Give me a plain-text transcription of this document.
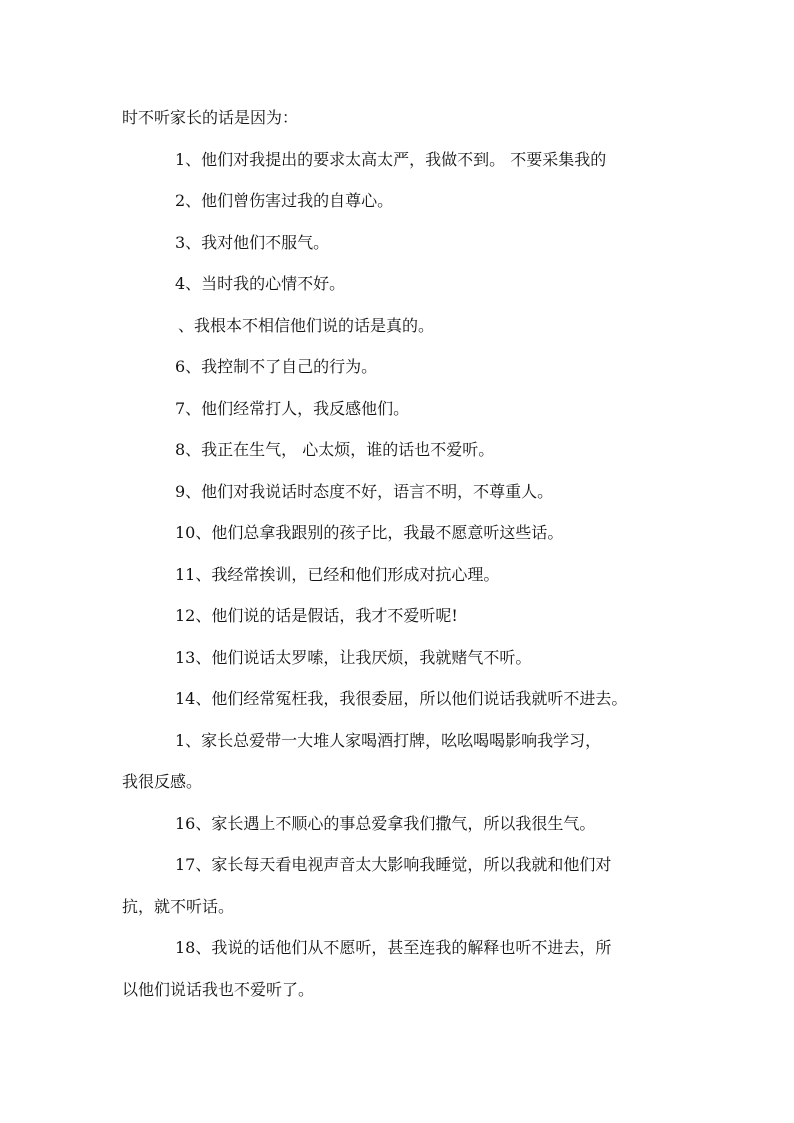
时不听家长的话是因为：
1、他们对我提出的要求太高太严，我做不到。 不要采集我的
2、他们曾伤害过我的自尊心。
3、我对他们不服气。
4、当时我的心情不好。
、我根本不相信他们说的话是真的。
6、我控制不了自己的行为。
7、他们经常打人，我反感他们。
8、我正在生气， 心太烦，谁的话也不爱听。
9、他们对我说话时态度不好，语言不明，不尊重人。
10、他们总拿我跟别的孩子比，我最不愿意听这些话。
11、我经常挨训，已经和他们形成对抗心理。
12、他们说的话是假话，我才不爱听呢!
13、他们说话太罗嗦，让我厌烦，我就赌气不听。
14、他们经常冤枉我，我很委屈，所以他们说话我就听不进去。
1、家长总爱带一大堆人家喝酒打牌，吆吆喝喝影响我学习，
我很反感。
16、家长遇上不顺心的事总爱拿我们撒气，所以我很生气。
17、家长每天看电视声音太大影响我睡觉，所以我就和他们对
抗，就不听话。
18、我说的话他们从不愿听，甚至连我的解释也听不进去，所
以他们说话我也不爱听了。
